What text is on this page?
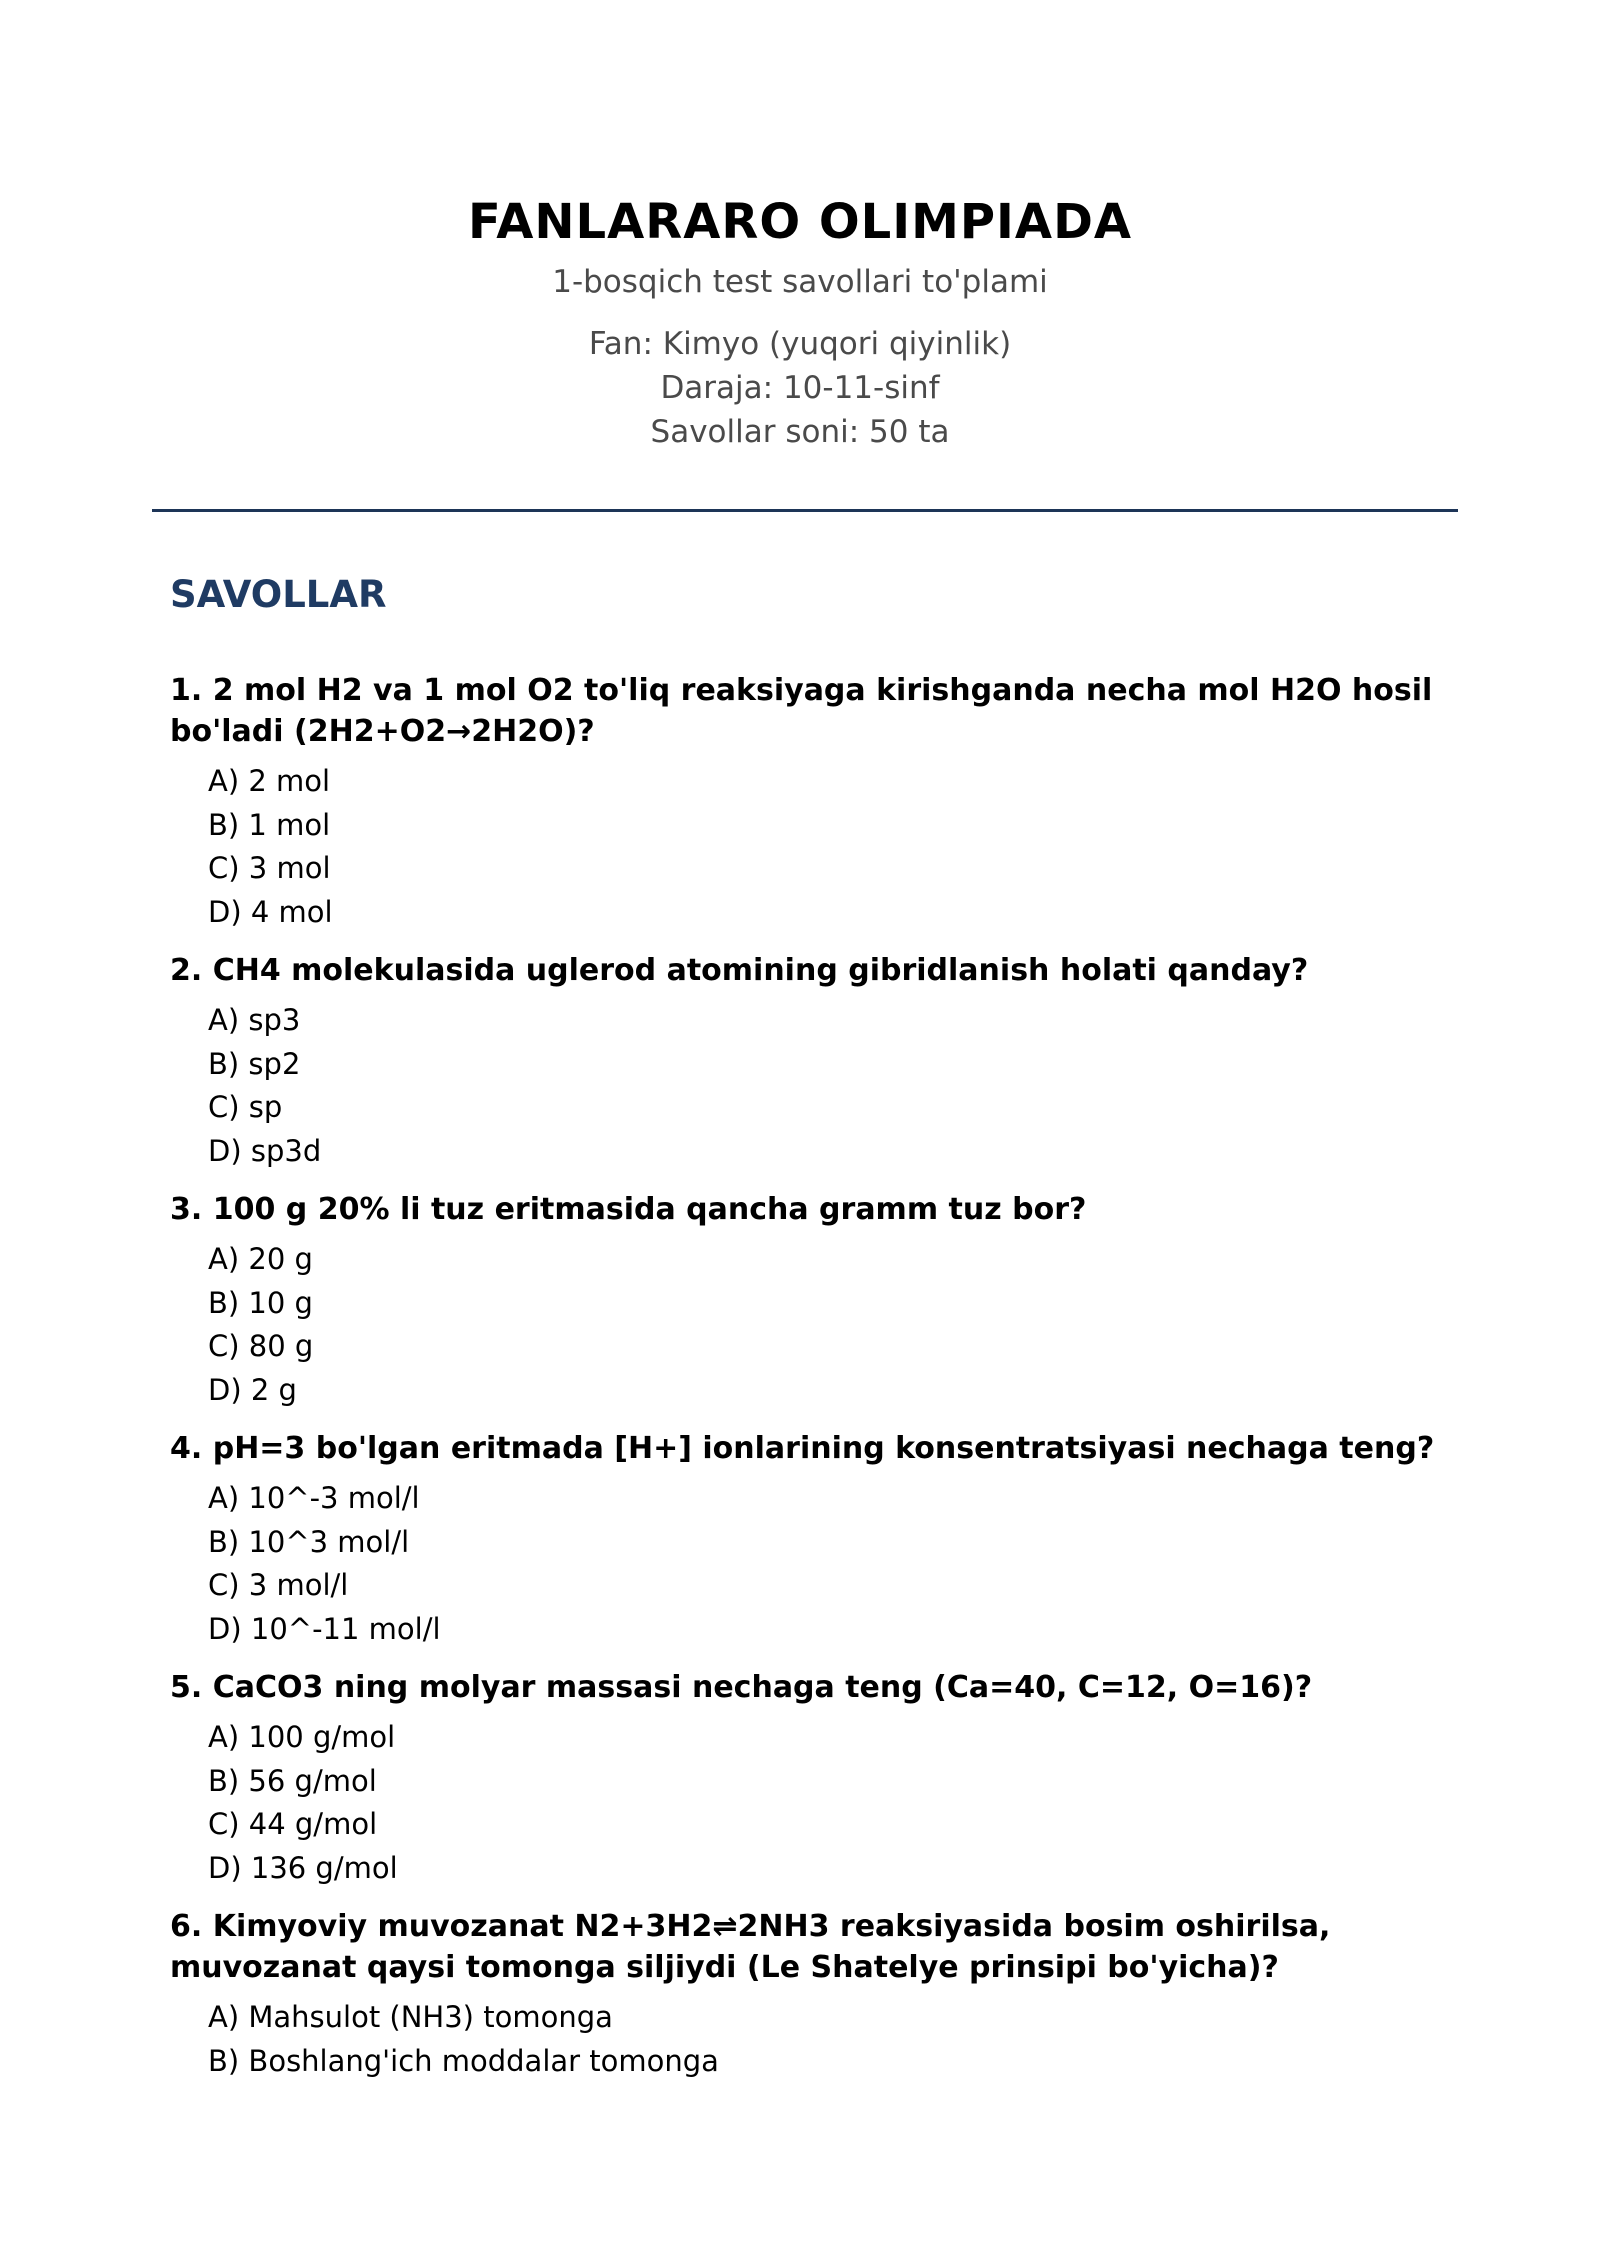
FANLARARO OLIMPIADA
1-bosqich test savollari to'plami
Fan: Kimyo (yuqori qiyinlik)
Daraja: 10-11-sinf
Savollar soni: 50 ta
SAVOLLAR

1. 2 mol H2 va 1 mol O2 to'liq reaksiyaga kirishganda necha mol H2O hosil bo'ladi (2H2+O2→2H2O)?

A) 2 mol
B) 1 mol
C) 3 mol
D) 4 mol

2. CH4 molekulasida uglerod atomining gibridlanish holati qanday?

A) sp3
B) sp2
C) sp
D) sp3d

3. 100 g 20% li tuz eritmasida qancha gramm tuz bor?

A) 20 g
B) 10 g
C) 80 g
D) 2 g

4. pH=3 bo'lgan eritmada [H+] ionlarining konsentratsiyasi nechaga teng?

A) 10^-3 mol/l
B) 10^3 mol/l
C) 3 mol/l
D) 10^-11 mol/l

5. CaCO3 ning molyar massasi nechaga teng (Ca=40, C=12, O=16)?

A) 100 g/mol
B) 56 g/mol
C) 44 g/mol
D) 136 g/mol

6. Kimyoviy muvozanat N2+3H2⇌2NH3 reaksiyasida bosim oshirilsa, muvozanat qaysi tomonga siljiydi (Le Shatelye prinsipi bo'yicha)?

A) Mahsulot (NH3) tomonga
B) Boshlang'ich moddalar tomonga
